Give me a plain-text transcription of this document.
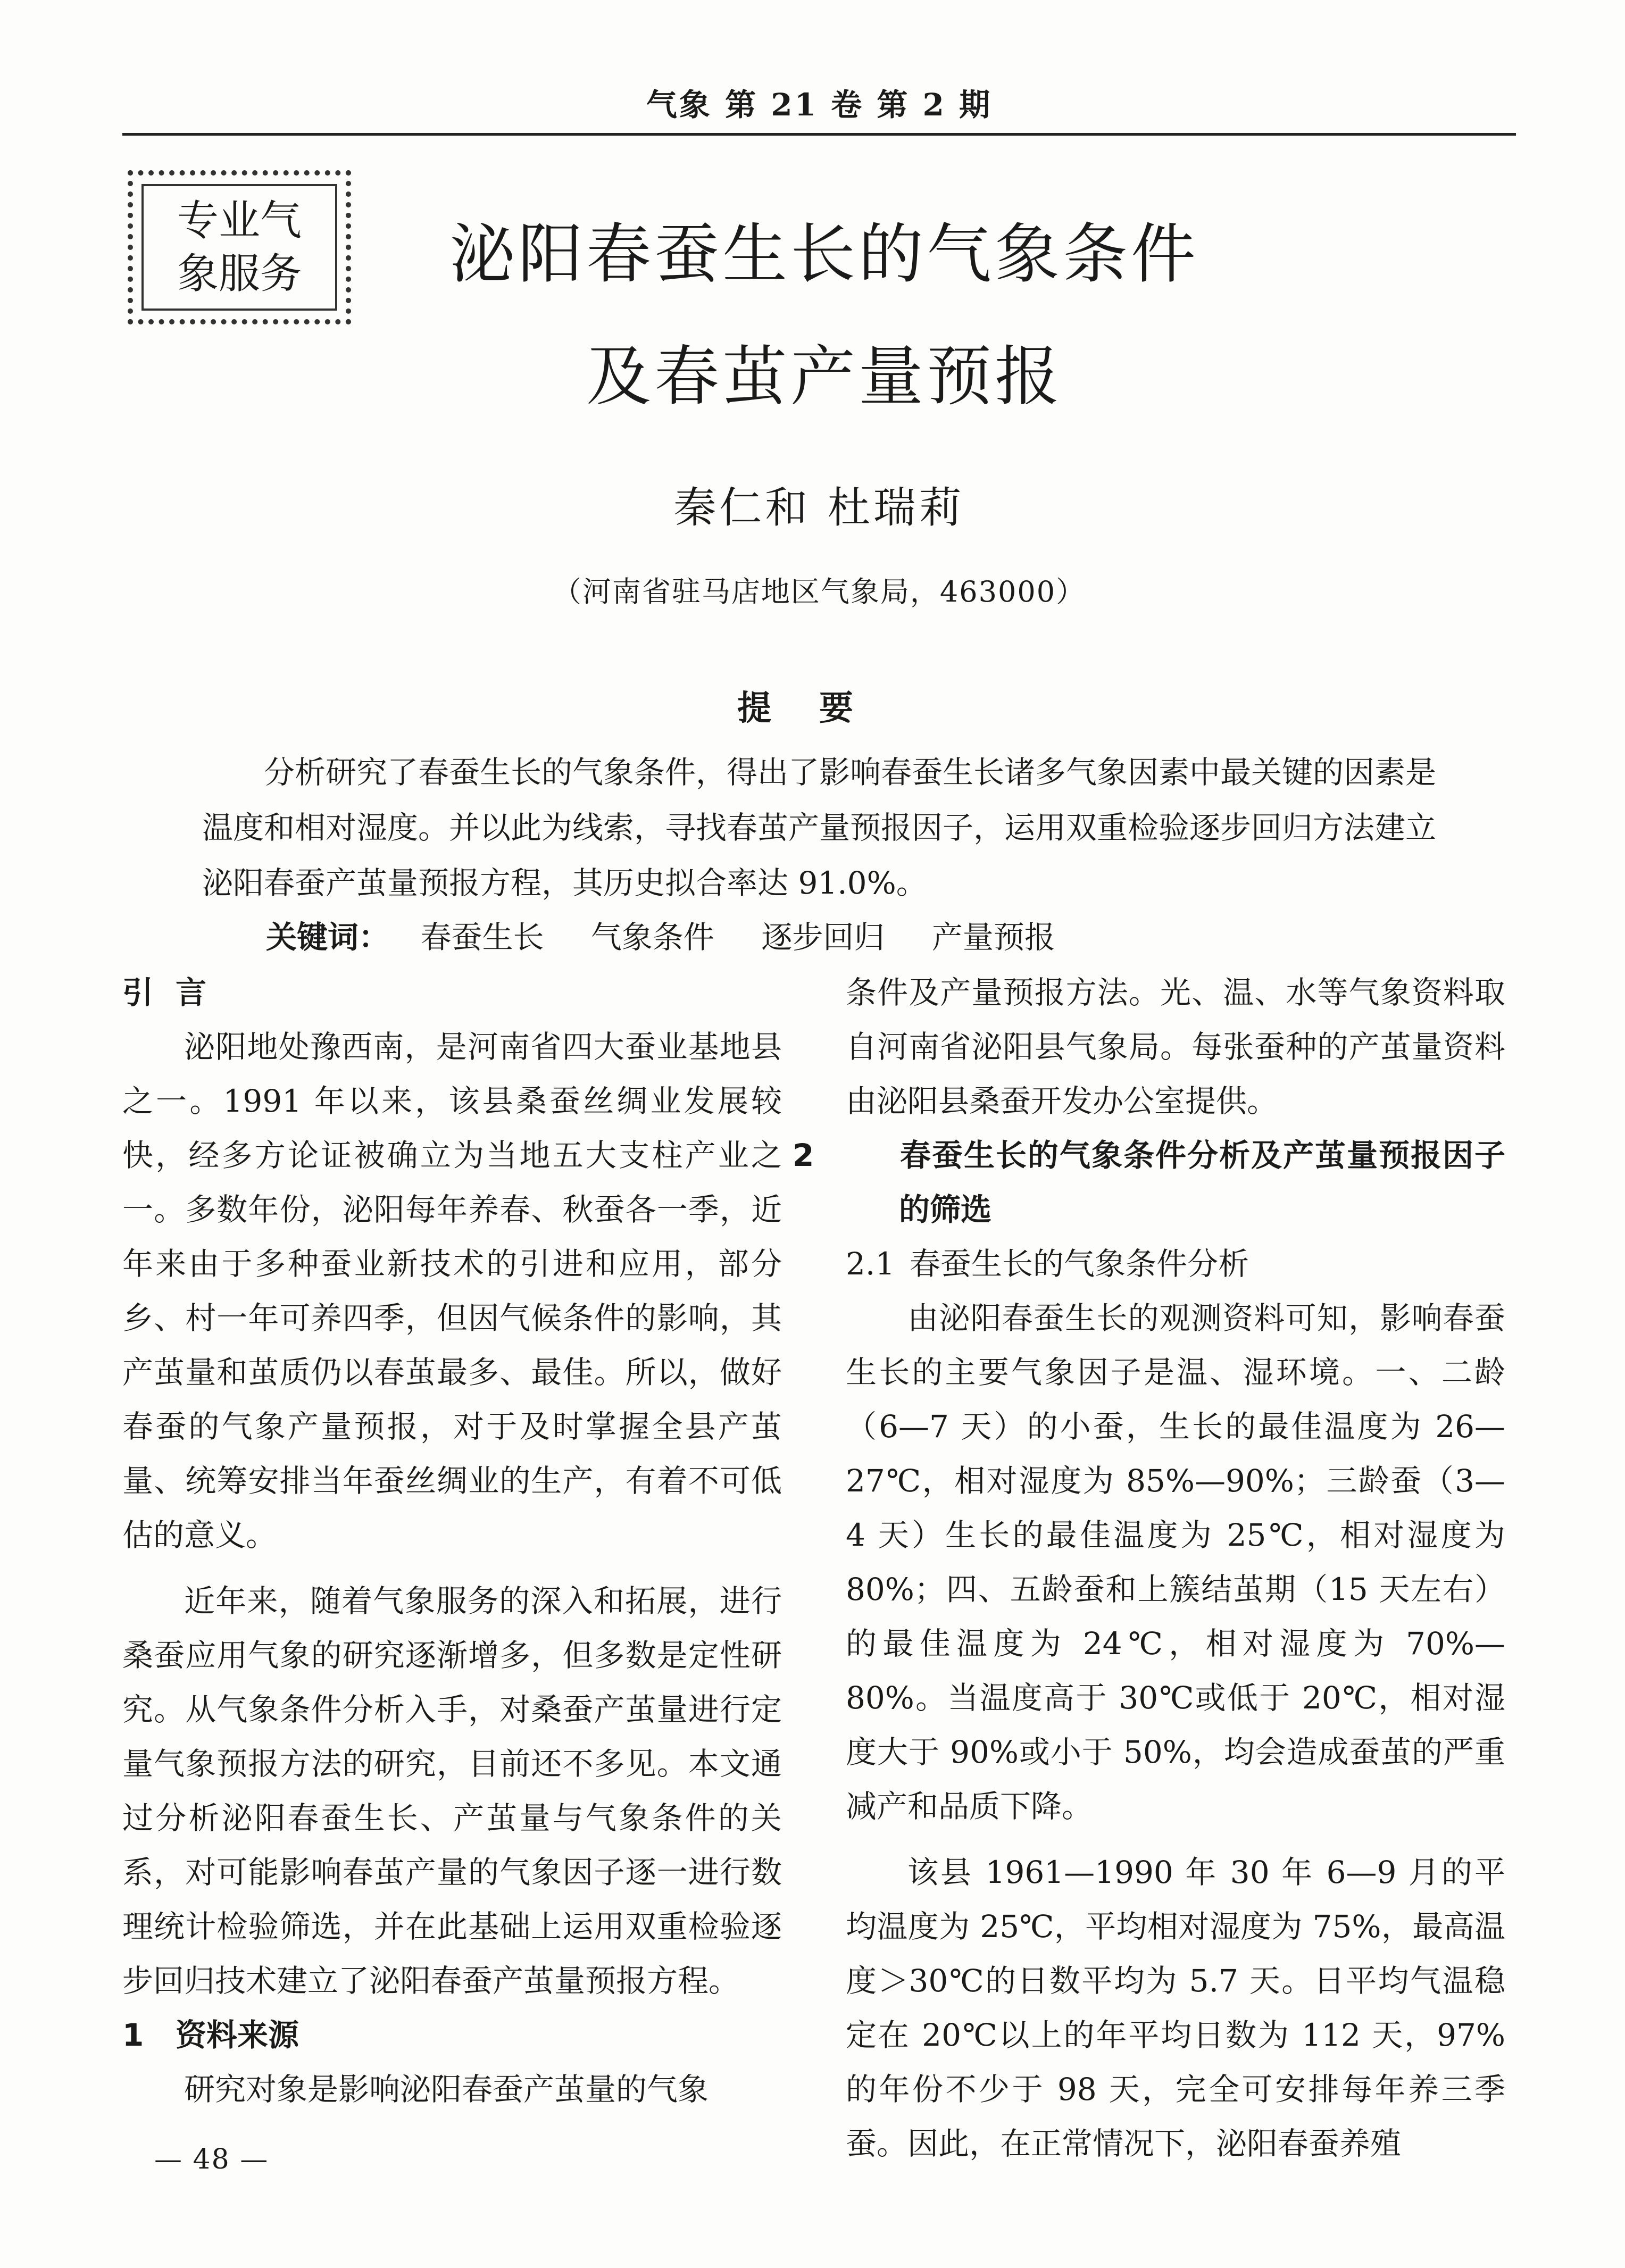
气象 第 21 卷 第 2 期
专业气
象服务	泌阳春蚕生长的气象条件
及春茧产量预报
秦仁和 杜瑞莉
（河南省驻马店地区气象局，463000）
提要
分析研究了春蚕生长的气象条件，得出了影响春蚕生长诸多气象因素中最关键的因素是温度和相对湿度。并以此为线索，寻找春茧产量预报因子，运用双重检验逐步回归方法建立泌阳春蚕产茧量预报方程，其历史拟合率达 91.0%。
关键词： 春蚕生长 气象条件 逐步回归 产量预报
引 言

泌阳地处豫西南，是河南省四大蚕业基地县之一。1991 年以来，该县桑蚕丝绸业发展较快，经多方论证被确立为当地五大支柱产业之一。多数年份，泌阳每年养春、秋蚕各一季，近年来由于多种蚕业新技术的引进和应用，部分乡、村一年可养四季，但因气候条件的影响，其产茧量和茧质仍以春茧最多、最佳。所以，做好春蚕的气象产量预报，对于及时掌握全县产茧量、统筹安排当年蚕丝绸业的生产，有着不可低估的意义。

近年来，随着气象服务的深入和拓展，进行桑蚕应用气象的研究逐渐增多，但多数是定性研究。从气象条件分析入手，对桑蚕产茧量进行定量气象预报方法的研究，目前还不多见。本文通过分析泌阳春蚕生长、产茧量与气象条件的关系，对可能影响春茧产量的气象因子逐一进行数理统计检验筛选，并在此基础上运用双重检验逐步回归技术建立了泌阳春蚕产茧量预报方程。

1 资料来源

研究对象是影响泌阳春蚕产茧量的气象

条件及产量预报方法。光、温、水等气象资料取自河南省泌阳县气象局。每张蚕种的产茧量资料由泌阳县桑蚕开发办公室提供。

2	春蚕生长的气象条件分析及产茧量预报因子的筛选
2.1 春蚕生长的气象条件分析

由泌阳春蚕生长的观测资料可知，影响春蚕生长的主要气象因子是温、湿环境。一、二龄（6—7 天）的小蚕，生长的最佳温度为 26—27℃，相对湿度为 85%—90%；三龄蚕（3—4 天）生长的最佳温度为 25℃，相对湿度为 80%；四、五龄蚕和上簇结茧期（15 天左右）的最佳温度为 24℃，相对湿度为 70%—80%。当温度高于 30℃或低于 20℃，相对湿度大于 90%或小于 50%，均会造成蚕茧的严重减产和品质下降。

该县 1961—1990 年 30 年 6—9 月的平均温度为 25℃，平均相对湿度为 75%，最高温度＞30℃的日数平均为 5.7 天。日平均气温稳定在 20℃以上的年平均日数为 112 天，97%的年份不少于 98 天，完全可安排每年养三季蚕。因此，在正常情况下，泌阳春蚕养殖

— 48 —
